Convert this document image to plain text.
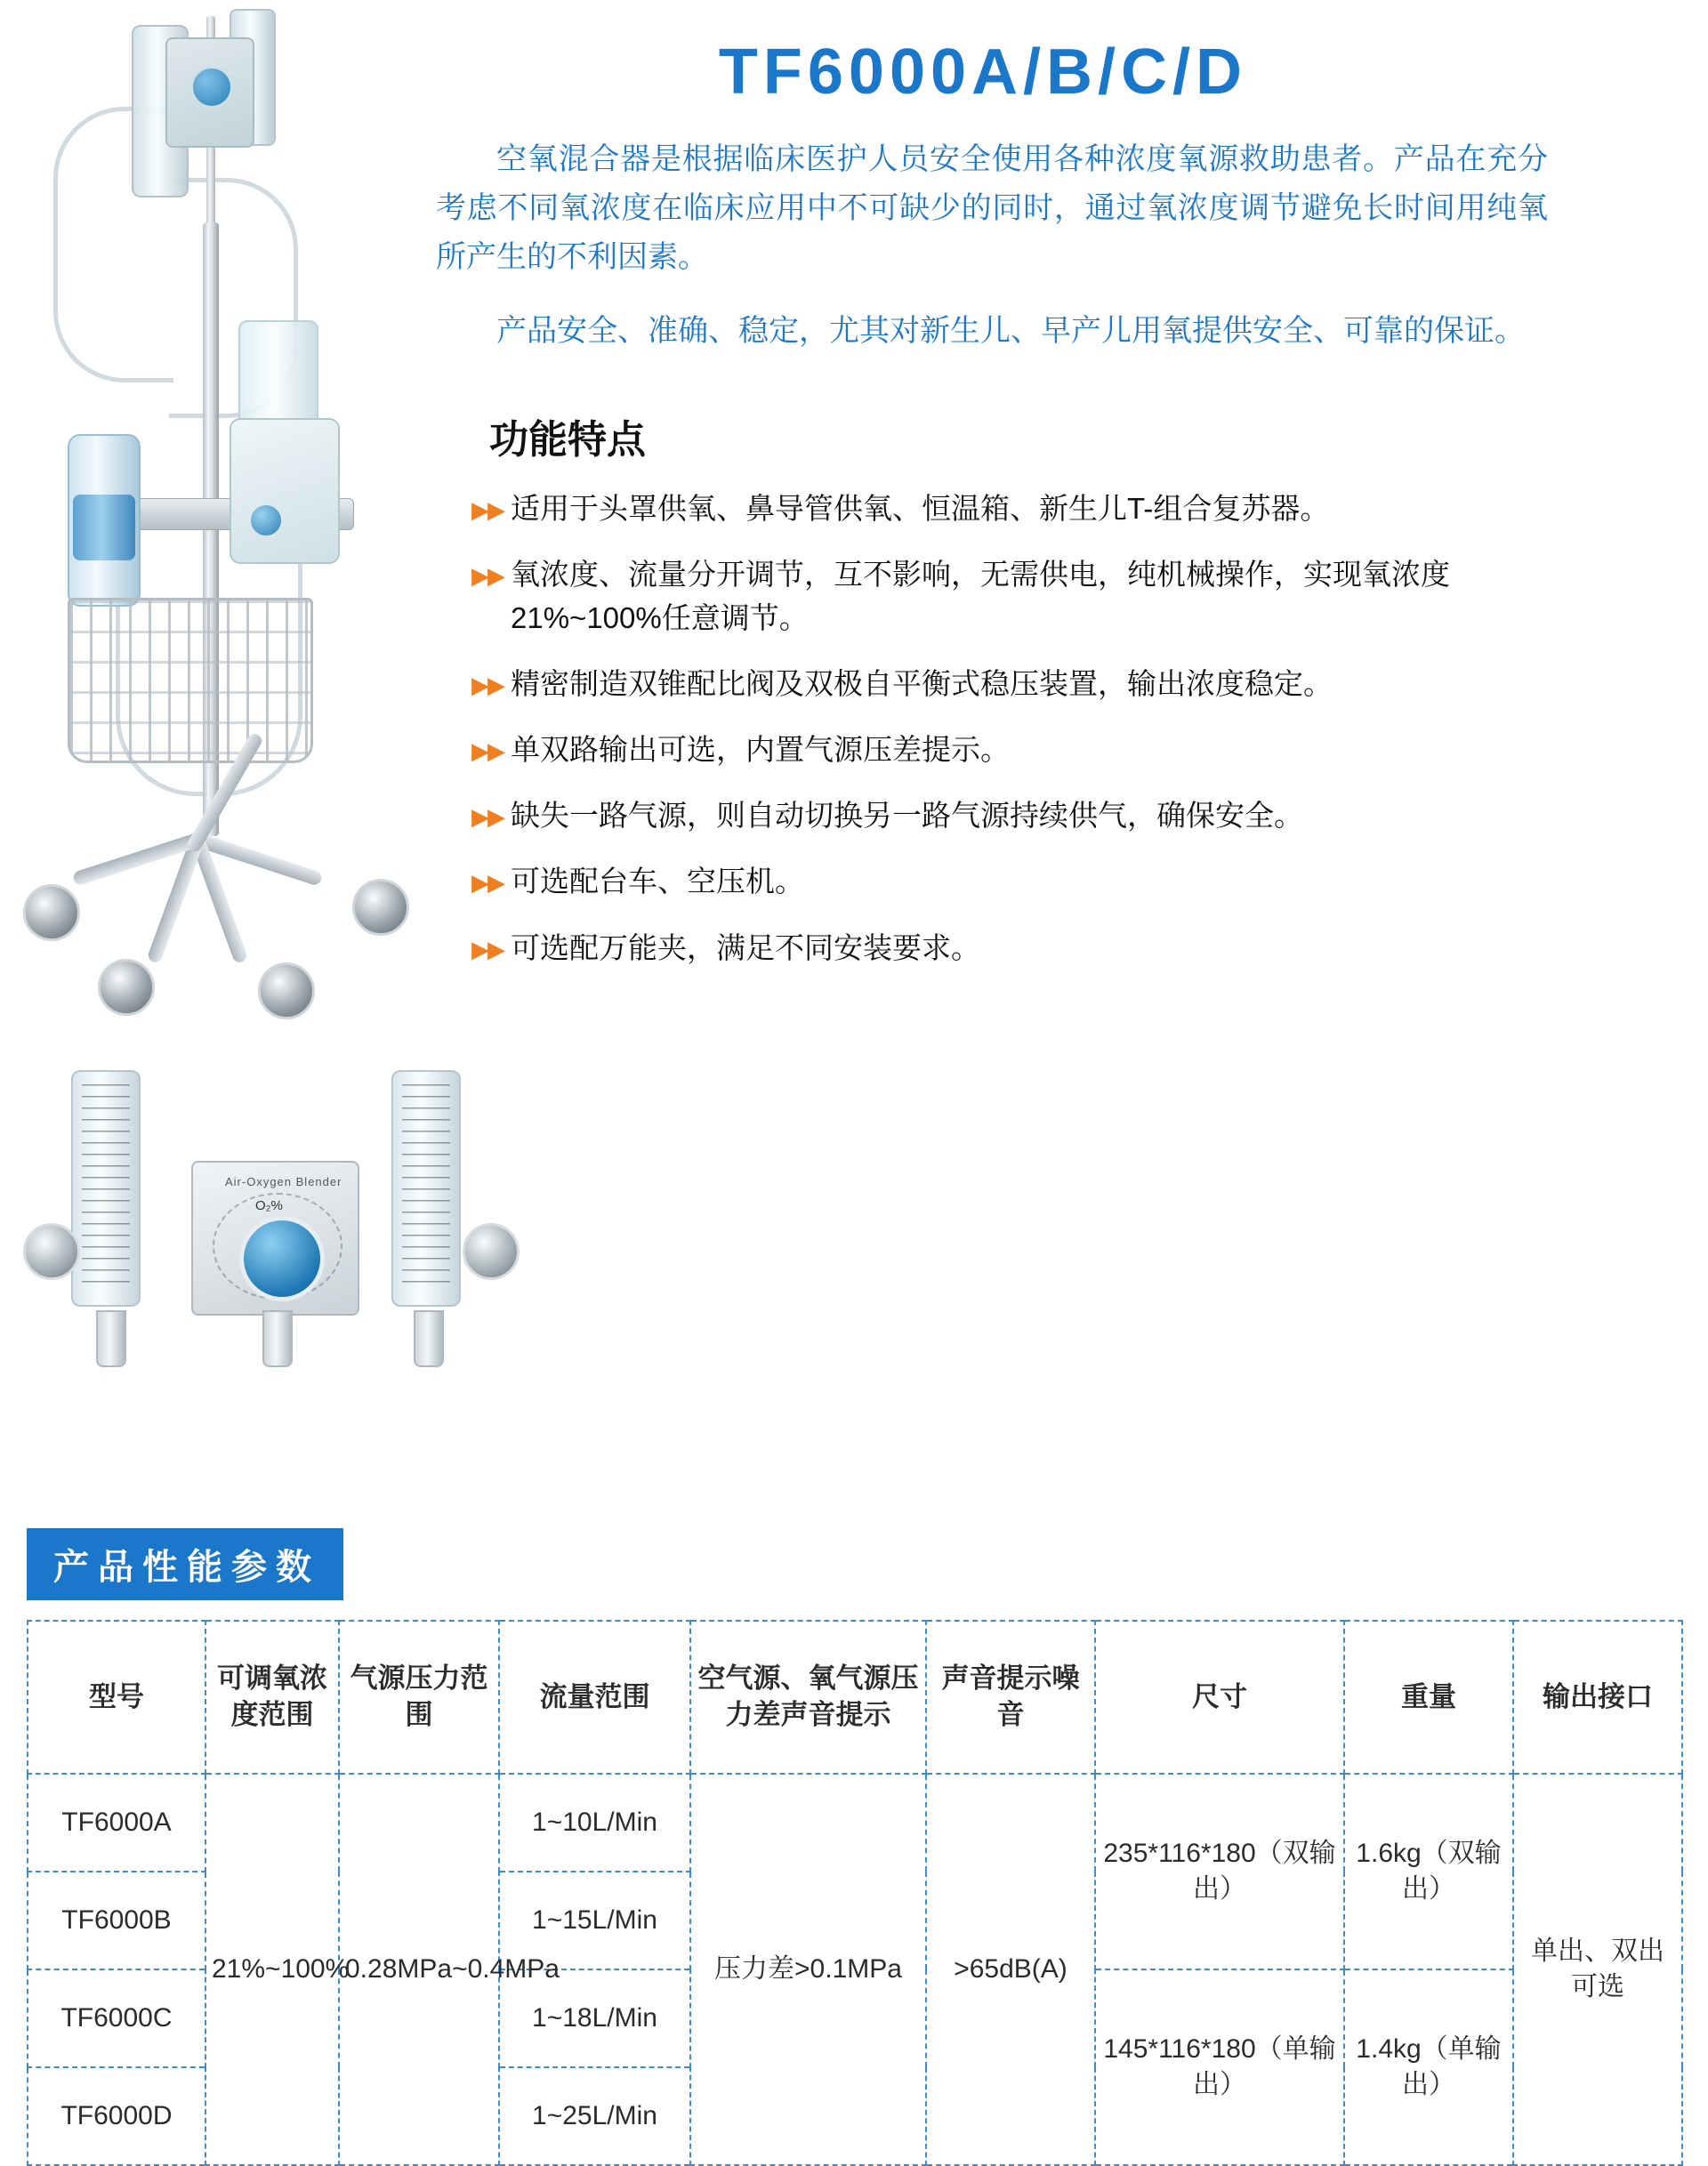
Air-Oxygen Blender
O₂%
TF6000A/B/C/D

空氧混合器是根据临床医护人员安全使用各种浓度氧源救助患者。产品在充分考虑不同氧浓度在临床应用中不可缺少的同时，通过氧浓度调节避免长时间用纯氧所产生的不利因素。

产品安全、准确、稳定，尤其对新生儿、早产儿用氧提供安全、可靠的保证。

功能特点
▶▶ 适用于头罩供氧、鼻导管供氧、恒温箱、新生儿T-组合复苏器。
▶▶ 氧浓度、流量分开调节，互不影响，无需供电，纯机械操作，实现氧浓度21%~100%任意调节。
▶▶ 精密制造双锥配比阀及双极自平衡式稳压装置，输出浓度稳定。
▶▶ 单双路输出可选，内置气源压差提示。
▶▶ 缺失一路气源，则自动切换另一路气源持续供气，确保安全。
▶▶ 可选配台车、空压机。
▶▶ 可选配万能夹，满足不同安装要求。
产品性能参数
型号	可调氧浓度范围	气源压力范围	流量范围	空气源、氧气源压力差声音提示	声音提示噪音	尺寸	重量	输出接口
TF6000A	21%~100%	0.28MPa~0.4MPa	1~10L/Min	压力差>0.1MPa	>65dB(A)	235*116*180（双输出）	1.6kg（双输出）	单出、双出可选
TF6000B			1~15L/Min					
TF6000C			1~18L/Min			145*116*180（单输出）	1.4kg（单输出）	
TF6000D			1~25L/Min					
